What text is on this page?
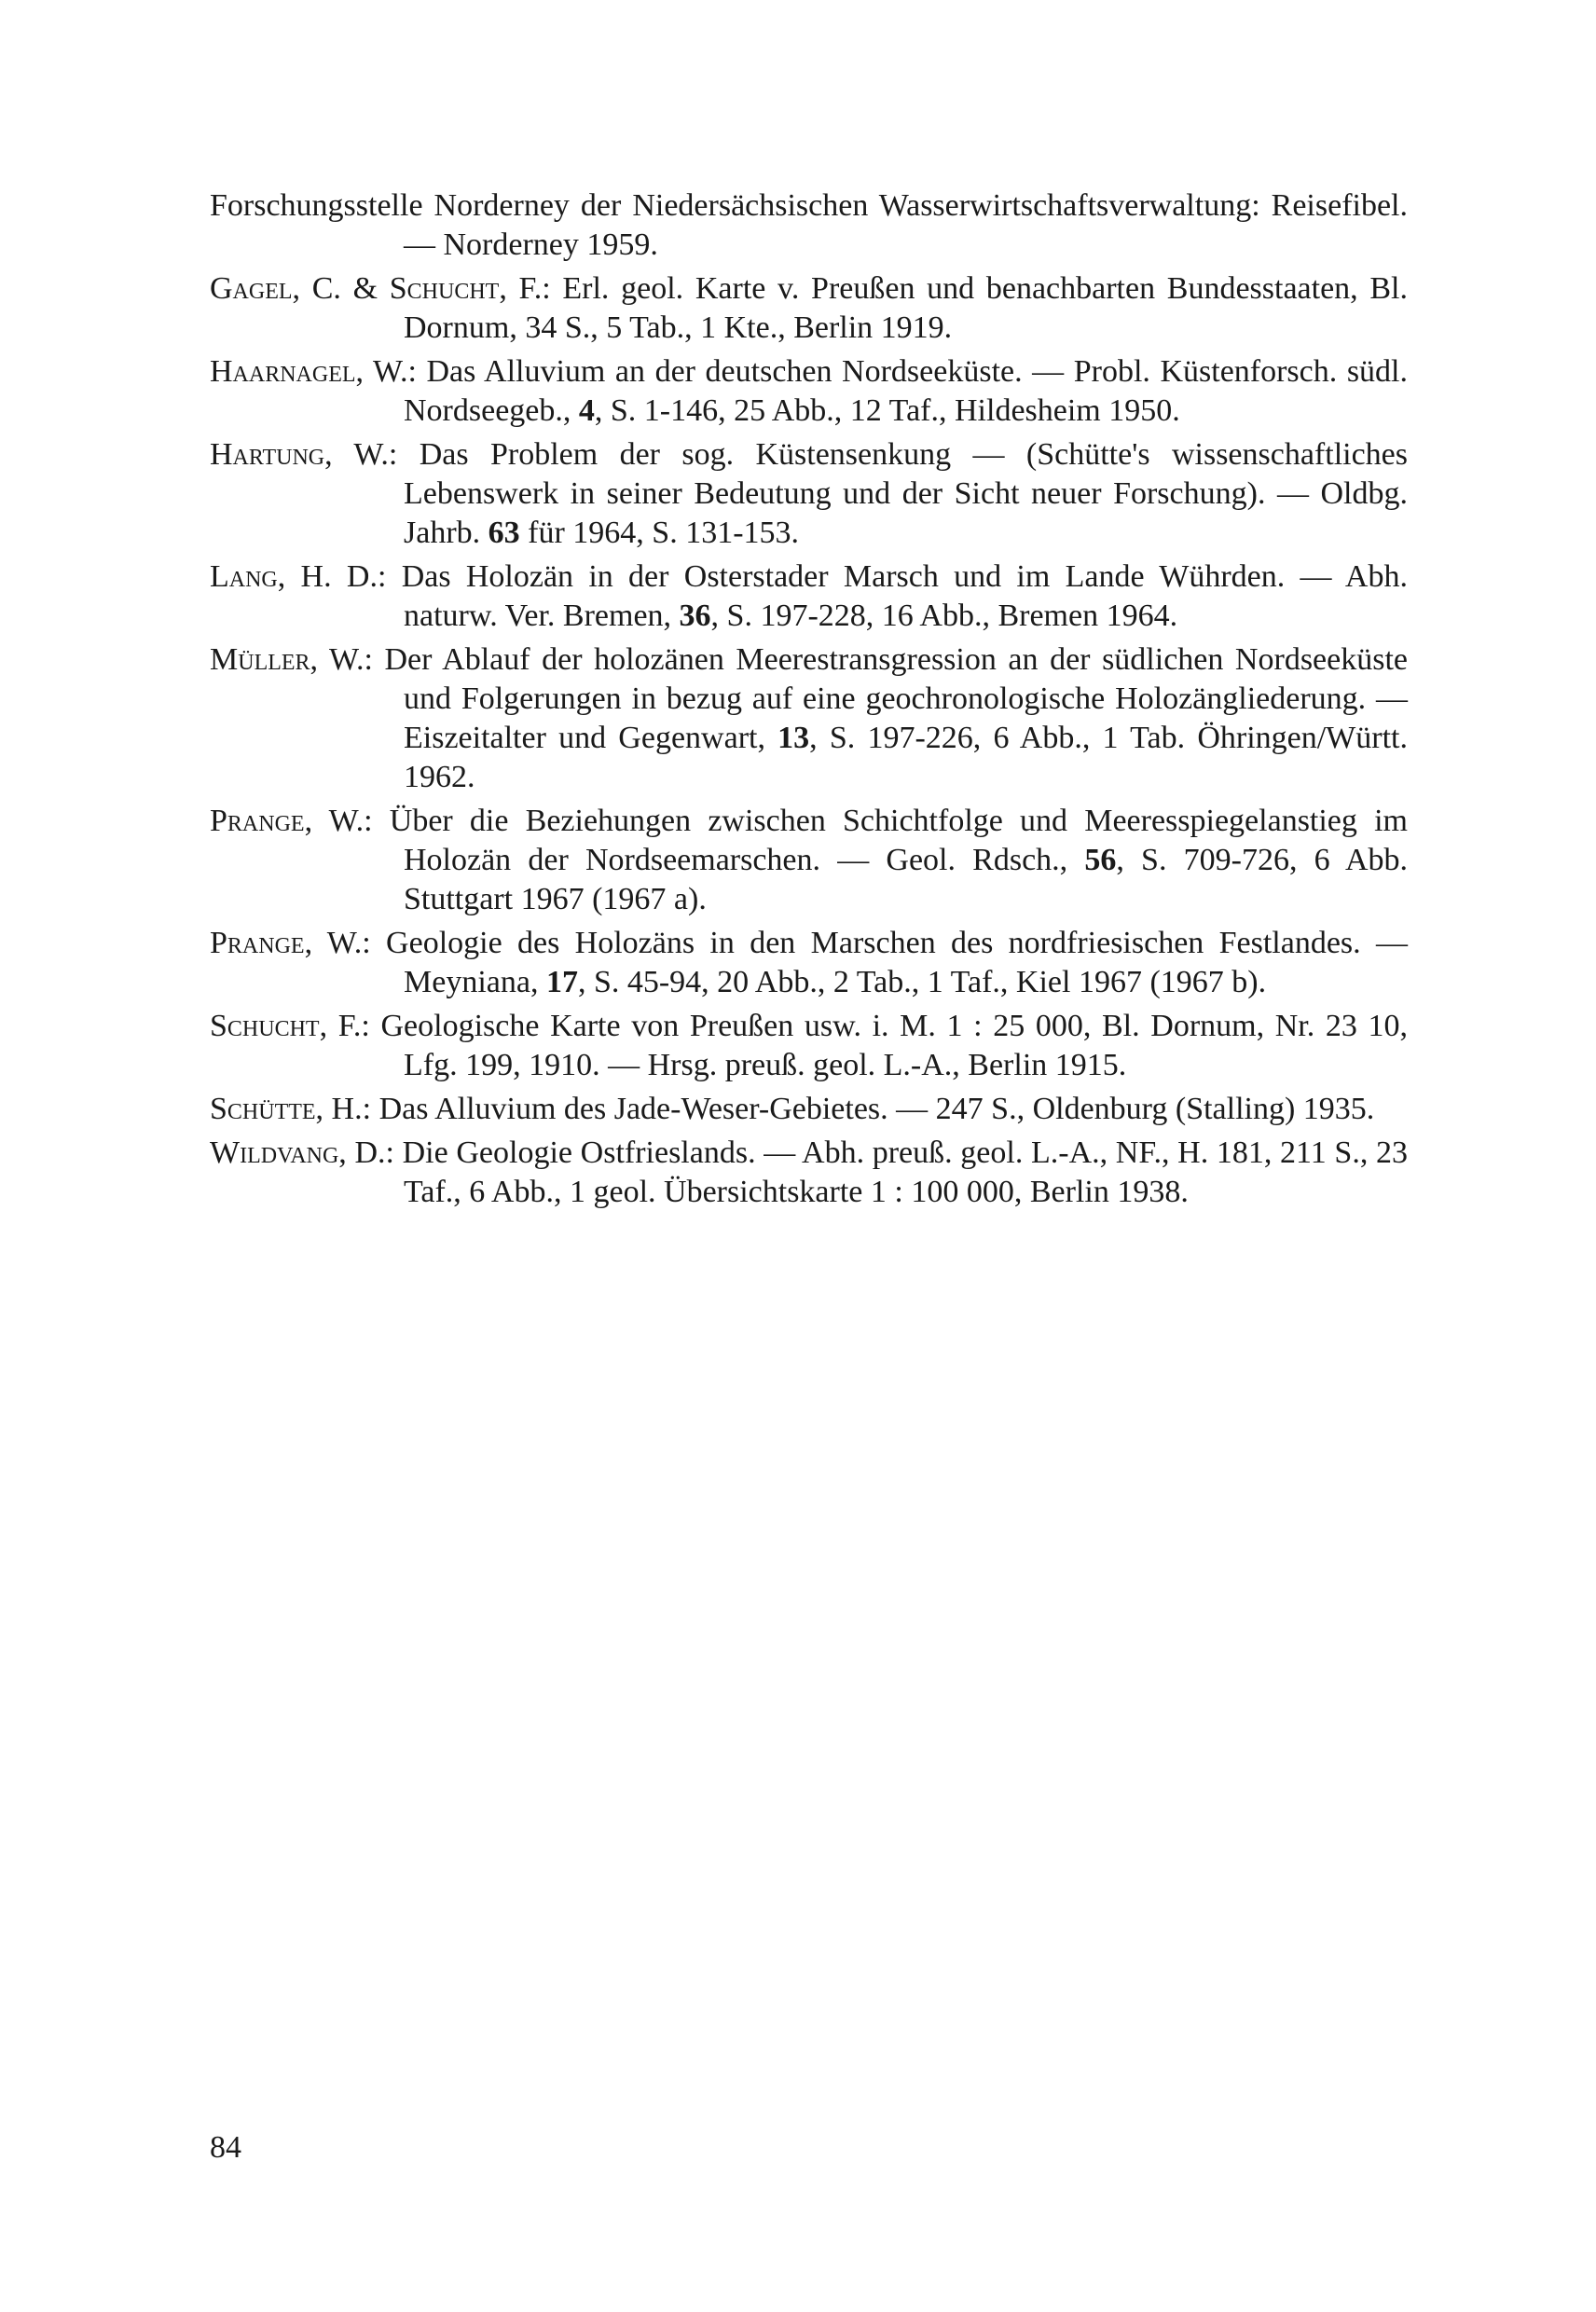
Forschungsstelle Norderney der Niedersächsischen Wasserwirtschaftsverwaltung: Reisefibel. — Norderney 1959.

Gagel, C. & Schucht, F.: Erl. geol. Karte v. Preußen und benachbarten Bundesstaaten, Bl. Dornum, 34 S., 5 Tab., 1 Kte., Berlin 1919.

Haarnagel, W.: Das Alluvium an der deutschen Nordseeküste. — Probl. Küstenforsch. südl. Nordseegeb., 4, S. 1-146, 25 Abb., 12 Taf., Hildesheim 1950.

Hartung, W.: Das Problem der sog. Küstensenkung — (Schütte's wissenschaftliches Lebenswerk in seiner Bedeutung und der Sicht neuer Forschung). — Oldbg. Jahrb. 63 für 1964, S. 131-153.

Lang, H. D.: Das Holozän in der Osterstader Marsch und im Lande Wührden. — Abh. naturw. Ver. Bremen, 36, S. 197-228, 16 Abb., Bremen 1964.

Müller, W.: Der Ablauf der holozänen Meerestransgression an der südlichen Nordseeküste und Folgerungen in bezug auf eine geochronologische Holozängliederung. — Eiszeitalter und Gegenwart, 13, S. 197-226, 6 Abb., 1 Tab. Öhringen/Württ. 1962.

Prange, W.: Über die Beziehungen zwischen Schichtfolge und Meeresspiegelanstieg im Holozän der Nordseemarschen. — Geol. Rdsch., 56, S. 709-726, 6 Abb. Stuttgart 1967 (1967 a).

Prange, W.: Geologie des Holozäns in den Marschen des nordfriesischen Festlandes. — Meyniana, 17, S. 45-94, 20 Abb., 2 Tab., 1 Taf., Kiel 1967 (1967 b).

Schucht, F.: Geologische Karte von Preußen usw. i. M. 1 : 25 000, Bl. Dornum, Nr. 23 10, Lfg. 199, 1910. — Hrsg. preuß. geol. L.-A., Berlin 1915.

Schütte, H.: Das Alluvium des Jade-Weser-Gebietes. — 247 S., Oldenburg (Stalling) 1935.

Wildvang, D.: Die Geologie Ostfrieslands. — Abh. preuß. geol. L.-A., NF., H. 181, 211 S., 23 Taf., 6 Abb., 1 geol. Übersichtskarte 1 : 100 000, Berlin 1938.

84
